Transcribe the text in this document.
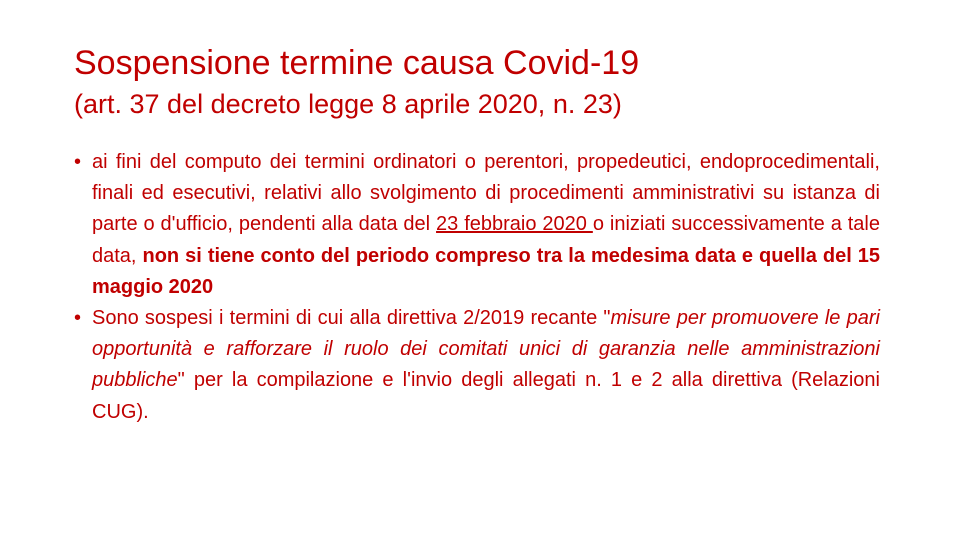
Sospensione termine causa Covid-19
(art. 37 del decreto legge 8 aprile 2020, n. 23)

• ai fini del computo dei termini ordinatori o perentori, propedeutici, endoprocedimentali, finali ed esecutivi, relativi allo svolgimento di procedimenti amministrativi su istanza di parte o d'ufficio, pendenti alla data del 23 febbraio 2020 o iniziati successivamente a tale data, non si tiene conto del periodo compreso tra la medesima data e quella del 15 maggio 2020

• Sono sospesi i termini di cui alla direttiva 2/2019 recante "misure per promuovere le pari opportunità e rafforzare il ruolo dei comitati unici di garanzia nelle amministrazioni pubbliche" per la compilazione e l'invio degli allegati n. 1 e 2 alla direttiva (Relazioni CUG).
